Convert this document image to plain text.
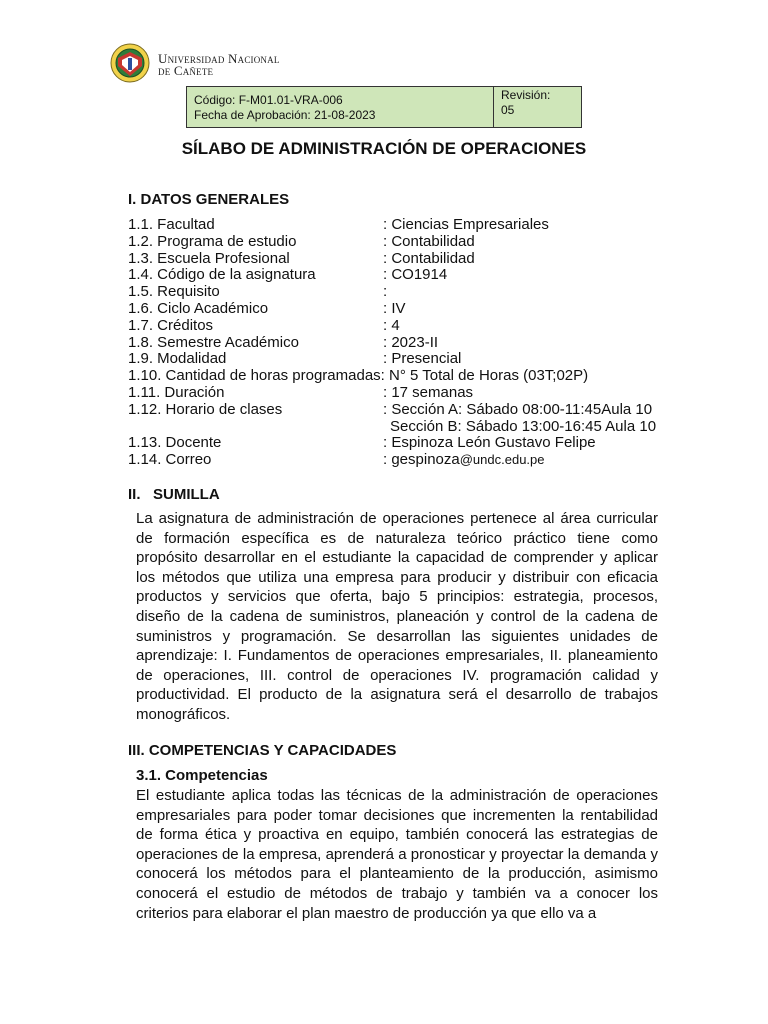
Universidad Nacional
de Cañete
Código: F-M01.01-VRA-006
Fecha de Aprobación: 21-08-2023
Revisión:
05
SÍLABO DE ADMINISTRACIÓN DE OPERACIONES
I. DATOS GENERALES
1.1. Facultad	: Ciencias Empresariales
1.2. Programa de estudio	: Contabilidad
1.3. Escuela Profesional	: Contabilidad
1.4. Código de la asignatura	: CO1914
1.5. Requisito	:
1.6. Ciclo Académico	: IV
1.7. Créditos	: 4
1.8. Semestre Académico	: 2023-II
1.9. Modalidad	: Presencial
1.10. Cantidad de horas programadas: N° 5 Total de Horas (03T;02P)
1.11. Duración	: 17 semanas
1.12. Horario de clases	: Sección A: Sábado 08:00-11:45Aula 10
Sección B: Sábado 13:00-16:45 Aula 10
1.13. Docente	: Espinoza León Gustavo Felipe
1.14. Correo	: gespinoza@undc.edu.pe
II.   SUMILLA
La asignatura de administración de operaciones pertenece al área curricular de formación específica es de naturaleza teórico práctico tiene como propósito desarrollar en el estudiante la capacidad de comprender y aplicar los métodos que utiliza una empresa para producir y distribuir con eficacia productos y servicios que oferta, bajo 5 principios: estrategia, procesos, diseño de la cadena de suministros, planeación y control de la cadena de suministros y programación. Se desarrollan las siguientes unidades de aprendizaje: I. Fundamentos de operaciones empresariales, II. planeamiento de operaciones, III. control de operaciones IV. programación calidad y productividad. El producto de la asignatura será el desarrollo de trabajos monográficos.
III. COMPETENCIAS Y CAPACIDADES
3.1. Competencias
El estudiante aplica todas las técnicas de la administración de operaciones empresariales para poder tomar decisiones que incrementen la rentabilidad de forma ética y proactiva en equipo, también conocerá las estrategias de operaciones de la empresa, aprenderá a pronosticar y proyectar la demanda y conocerá los métodos para el planteamiento de la producción, asimismo conocerá el estudio de métodos de trabajo y también va a conocer los criterios para elaborar el plan maestro de producción ya que ello va a
